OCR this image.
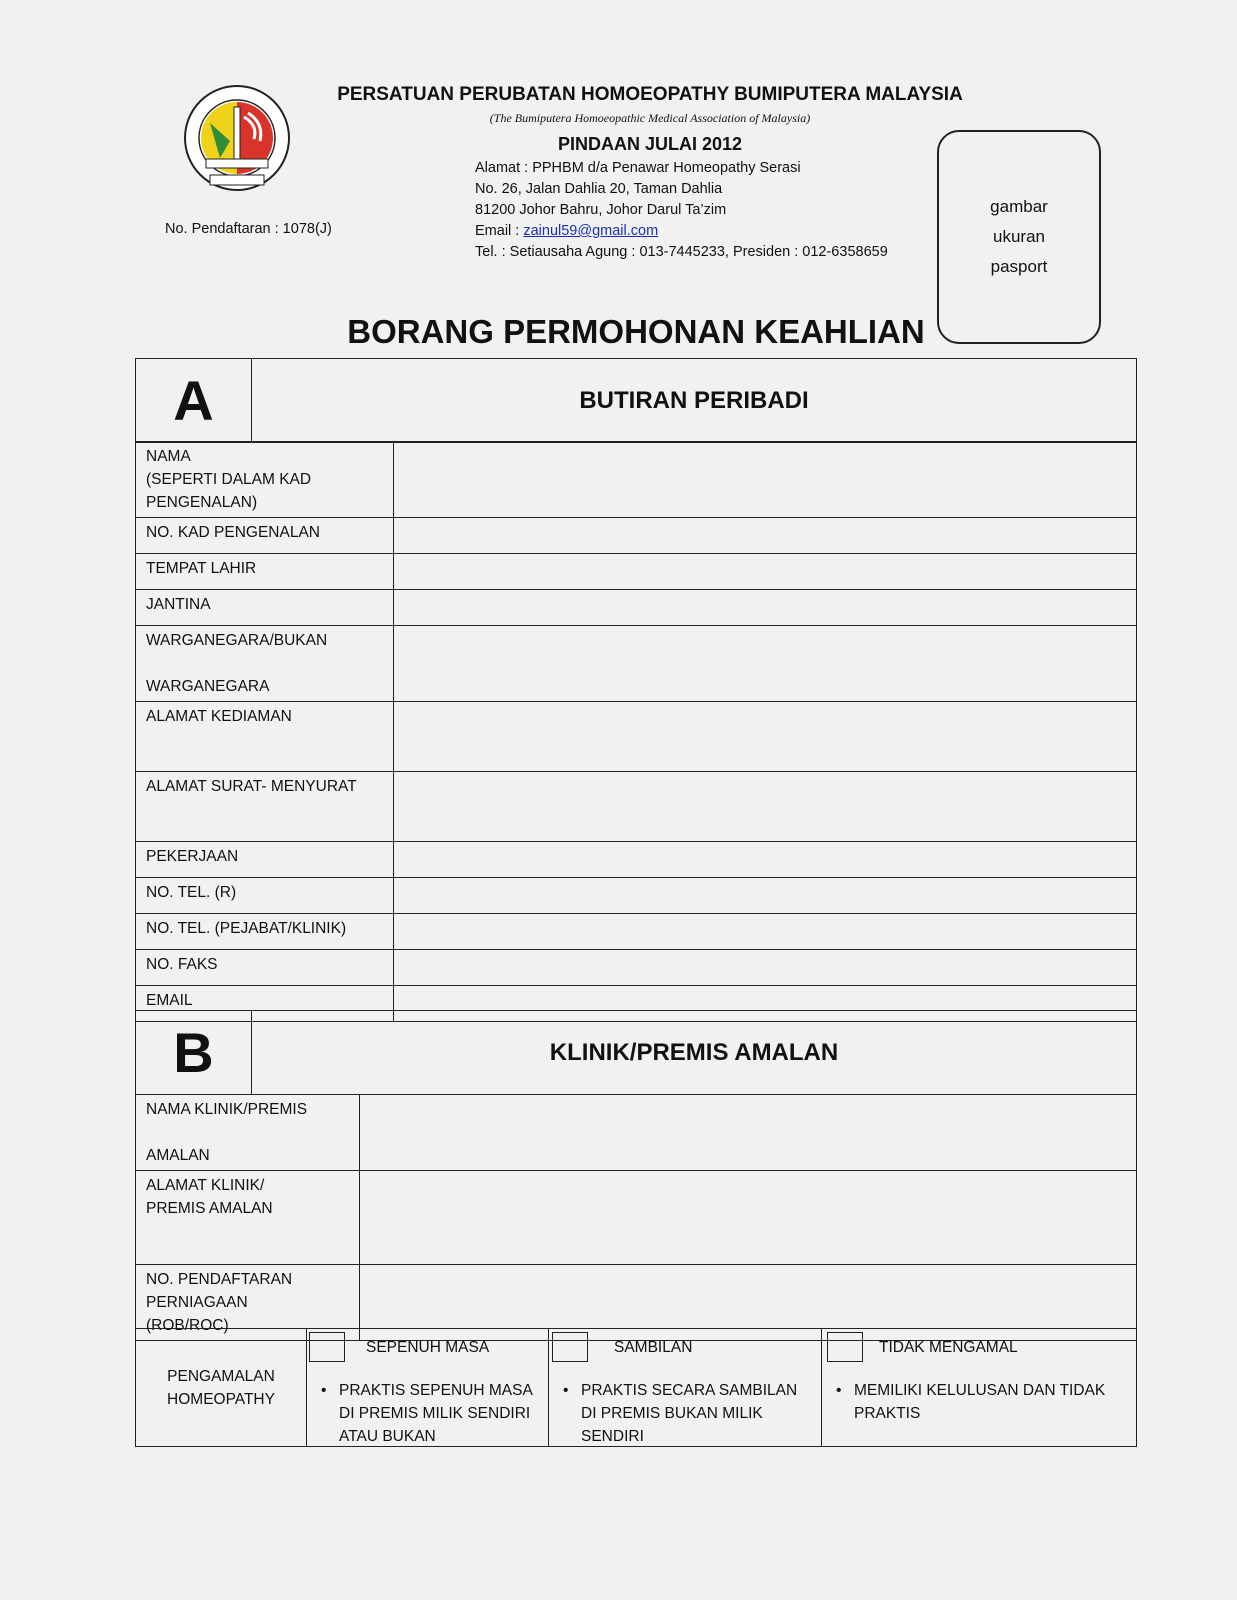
PERSATUAN PERUBATAN HOMOEOPATHY BUMIPUTERA MALAYSIA
(The Bumiputera Homoeopathic Medical Association of Malaysia)
PINDAAN JULAI 2012
Alamat : PPHBM d/a Penawar Homeopathy Serasi
No. 26, Jalan Dahlia 20, Taman Dahlia
81200 Johor Bahru, Johor Darul Ta’zim
Email : zainul59@gmail.com
Tel. : Setiausaha Agung : 013-7445233, Presiden : 012-6358659
No. Pendaftaran : 1078(J)
gambar
ukuran
pasport
BORANG PERMOHONAN KEAHLIAN
A	BUTIRAN PERIBADI
NAMA
(SEPERTI DALAM KAD PENGENALAN)	
NO. KAD PENGENALAN	
TEMPAT LAHIR	
JANTINA	
WARGANEGARA/BUKAN

WARGANEGARA	
ALAMAT KEDIAMAN	
ALAMAT SURAT- MENYURAT	
PEKERJAAN	
NO. TEL. (R)	
NO. TEL. (PEJABAT/KLINIK)	
NO. FAKS	
EMAIL	
B	KLINIK/PREMIS AMALAN
NAMA KLINIK/PREMIS

AMALAN	
ALAMAT KLINIK/
PREMIS AMALAN	
NO. PENDAFTARAN
PERNIAGAAN
(ROB/ROC)	
PENGAMALAN
HOMEOPATHY	
SEPENUH MASA
• PRAKTIS SEPENUH MASA
DI PREMIS MILIK SENDIRI
ATAU BUKAN

SAMBILAN
• PRAKTIS SECARA SAMBILAN
DI PREMIS BUKAN MILIK
SENDIRI

TIDAK MENGAMAL
• MEMILIKI KELULUSAN DAN TIDAK
PRAKTIS
